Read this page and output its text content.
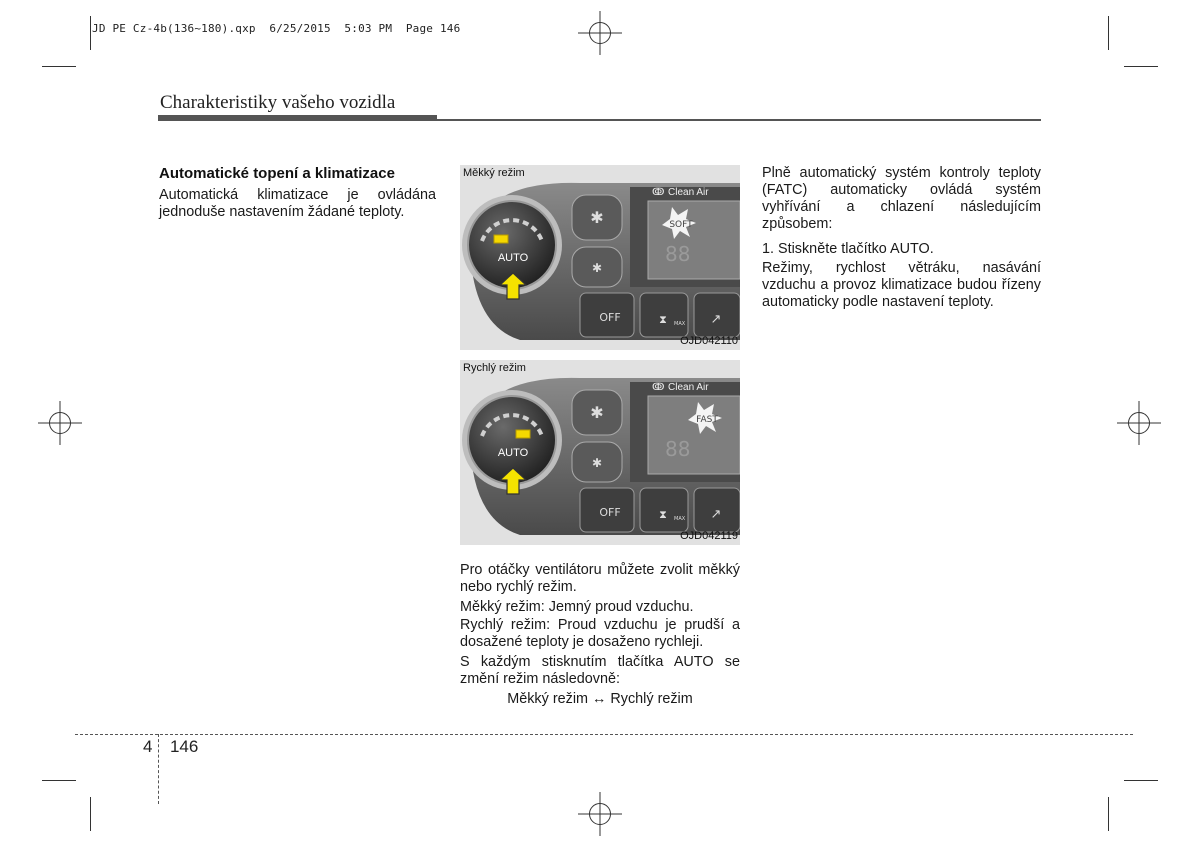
JD PE Cz-4b(136~180).qxp  6/25/2015  5:03 PM  Page 146
Charakteristiky vašeho vozidla
Automatické topení a klimatizace
Automatická klimatizace je ovládána jednoduše nastavením žádané teploty.	✱
✱
SOFT
88
OFF	⧗ MAX ↗
ↂ Clean Air
AUTO
Měkký režim
OJD042110
✱
✱
FAST
88
OFF	⧗ MAX ↗
ↂ Clean Air
AUTO
Rychlý režim
OJD042119
Pro otáčky ventilátoru můžete zvolit měkký nebo rychlý režim.
Měkký režim: Jemný proud vzduchu.
Rychlý režim: Proud vzduchu je prudší a dosažené teploty je dosaženo rychleji.
S každým stisknutím tlačítka AUTO se změní režim následovně:
Měkký režim ↔ Rychlý režim
Plně automatický systém kontroly teploty (FATC) automaticky ovládá systém vyhřívání a chlazení následujícím způsobem:
1. Stiskněte tlačítko AUTO.
Režimy, rychlost větráku, nasávání vzduchu a provoz klimatizace budou řízeny automaticky podle nastavení teploty.
4 146
